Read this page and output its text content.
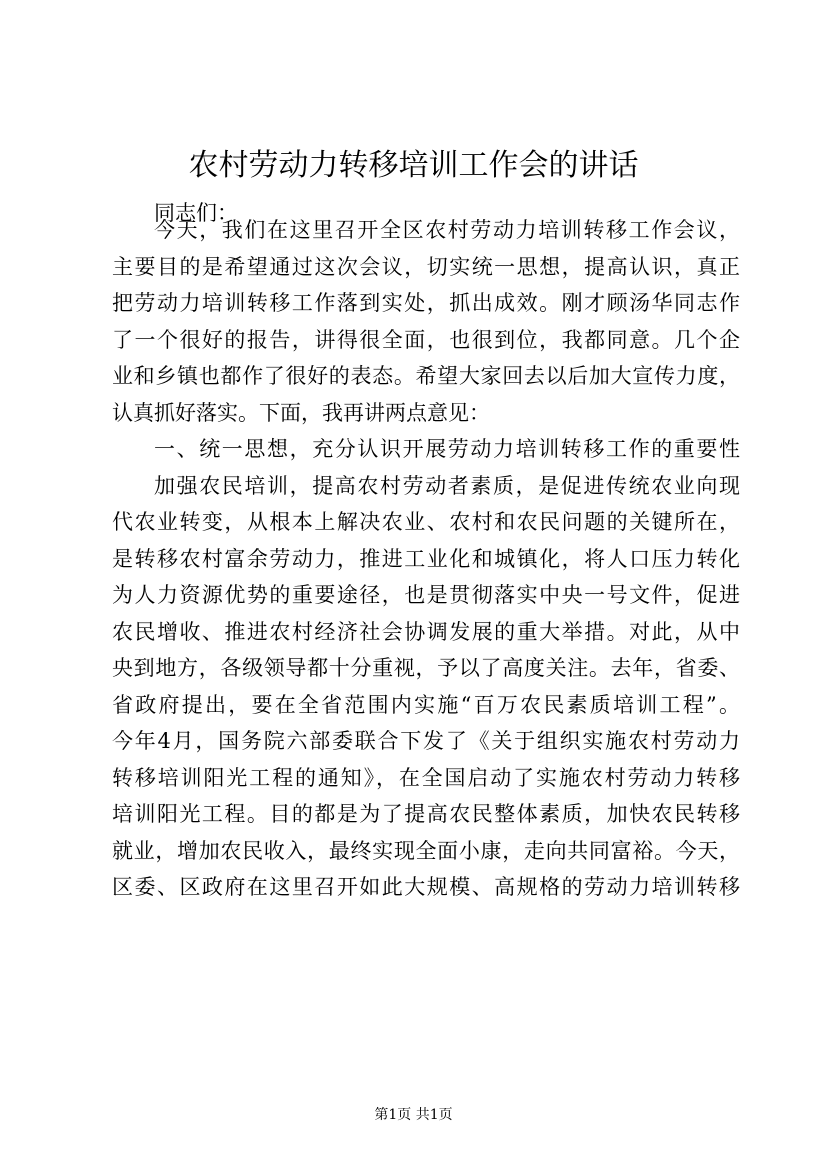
农村劳动力转移培训工作会的讲话
同志们：
今天，我们在这里召开全区农村劳动力培训转移工作会议，
主要目的是希望通过这次会议，切实统一思想，提高认识，真正
把劳动力培训转移工作落到实处，抓出成效。刚才顾汤华同志作
了一个很好的报告，讲得很全面，也很到位，我都同意。几个企
业和乡镇也都作了很好的表态。希望大家回去以后加大宣传力度，
认真抓好落实。下面，我再讲两点意见：
一、统一思想，充分认识开展劳动力培训转移工作的重要性
加强农民培训，提高农村劳动者素质，是促进传统农业向现
代农业转变，从根本上解决农业、农村和农民问题的关键所在，
是转移农村富余劳动力，推进工业化和城镇化，将人口压力转化
为人力资源优势的重要途径，也是贯彻落实中央一号文件，促进
农民增收、推进农村经济社会协调发展的重大举措。对此，从中
央到地方，各级领导都十分重视，予以了高度关注。去年，省委、
省政府提出，要在全省范围内实施“百万农民素质培训工程”。
今年4月，国务院六部委联合下发了《关于组织实施农村劳动力
转移培训阳光工程的通知》，在全国启动了实施农村劳动力转移
培训阳光工程。目的都是为了提高农民整体素质，加快农民转移
就业，增加农民收入，最终实现全面小康，走向共同富裕。今天，
区委、区政府在这里召开如此大规模、高规格的劳动力培训转移
第1页 共1页
